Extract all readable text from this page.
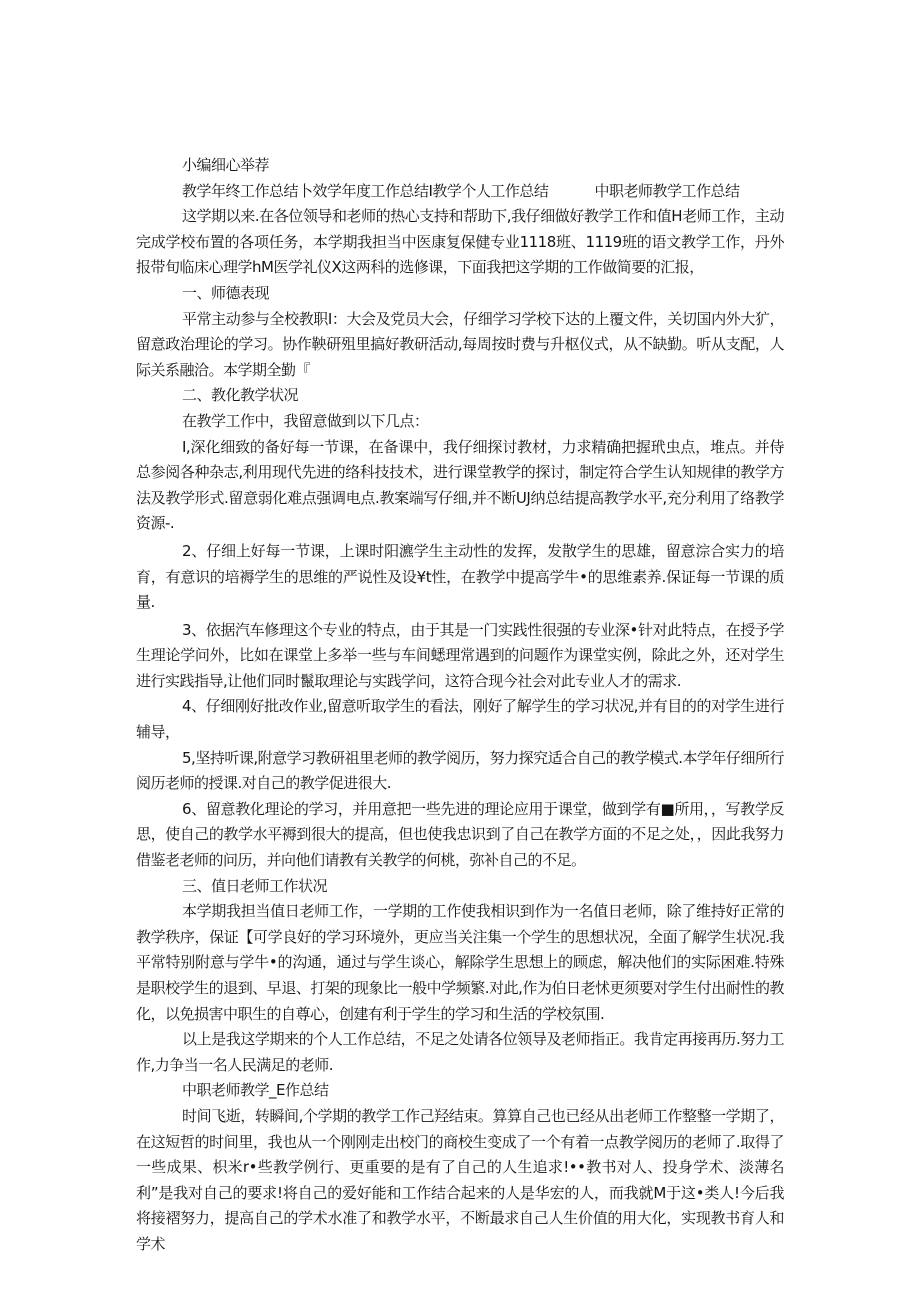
小编细心举荐
教学年终工作总结卜效学年度工作总结I教学个人工作总结	中职老师教学工作总结

这学期以来.在各位领导和老师的热心支持和帮助下,我仔细做好教学工作和值H老师工作，主动完成学校布置的各项任务，本学期我担当中医康复保健专业1118班、1119班的语文教学工作，丹外报带旬临床心理学hM医学礼仪X这两科的选修课，下面我把这学期的工作做简要的汇报，

一、师德表现

平常主动参与全校教职I：大会及党员大会，仔细学习学校下达的上覆文件，关切国内外大犷，留意政治理论的学习。协作鞅研殂里搞好教研活动,每周按时费与升枢仪式，从不缺勤。听从支配，人际关系融洽。本学期全勤『

二、教化教学状况
在教学工作中，我留意做到以下几点：

I,深化细致的备好每一节课，在备课中，我仔细探讨教材，力求精确把握玳虫点，堆点。并侍总参阅各种杂志,利用现代先进的络科技技术，进行课堂教学的探讨，制定符合学生认知规律的教学方法及教学形式.留意弱化难点强调电点.教案端写仔细,并不断UJ纳总结提高教学水平,充分利用了络教学资源-.

2、仔细上好每一节课，上课时阳瀌学生主动性的发挥，发散学生的思雄，留意淙合实力的培育，有意识的培褥学生的思维的严说性及设¥t性，在教学中提高学牛•的思维素养.保证每一节课的质量.

3、依据汽车修理这个专业的特点，由于其是一门实践性很强的专业深•针对此特点，在授予学生理论学问外，比如在课堂上多举一些与车间蟋理常遇到的问题作为课堂实例，除此之外，还对学生进行实践指导,让他们同时鬣取理论与实践学问，这符合现今社会对此专业人才的需求.

4、仔细刚好批改作业,留意听取学生的看法，刚好了解学生的学习状况,并有目的的对学生进行辅导，

5,坚持听课,附意学习教研祖里老师的教学阅历，努力探究适合自己的教学模式.本学年仔细所行阅历老师的授课.对自己的教学促进很大.

6、留意教化理论的学习，并用意把一些先进的理论应用于课堂，做到学有■所用，，写教学反思，使自己的教学水平褥到很大的提高，但也使我忠识到了自己在教学方面的不足之处，，因此我努力借鉴老老师的问历，并向他们请教有关教学的何桃，弥补自己的不足。

三、值日老师工作状况

本学期我担当值日老师工作，一学期的工作使我相识到作为一名值日老师，除了维持好正常的教学秩序，保证【可学良好的学习环境外，更应当关注集一个学生的思想状况，全面了解学生状况.我平常特别附意与学牛•的沟通，通过与学生谈心，解除学生思想上的顾虑，解决他们的实际困难.特殊是职校学生的退到、早退、打架的现象比一般中学频繁.对此,作为伯日老怵更须要对学生付出耐性的教化，以免损害中职生的自尊心，创建有利于学生的学习和生活的学校氛围.

以上是我这学期来的个人工作总结，不足之处请各位领导及老师指正。我肯定再接再历.努力工作,力争当一名人民满足的老师.

中职老师教学_E作总结

时间飞逝，转瞬间,个学期的教学工作己羟结束。算算自己也已经从出老师工作整整一学期了，在这短哲的时间里，我也从一个刚刚走出校门的商校生变成了一个有着一点教学阅历的老师了.取得了一些成果、枳米r•些教学例行、更重要的是有了自己的人生追求!••教书对人、投身学术、淡薄名利”是我对自己的要求!将自己的爱好能和工作结合起来的人是华宏的人，而我就M于这•类人!今后我将接褶努力，提高自己的学术水准了和教学水平，不断最求自己人生价值的用大化，实现教书育人和学术
